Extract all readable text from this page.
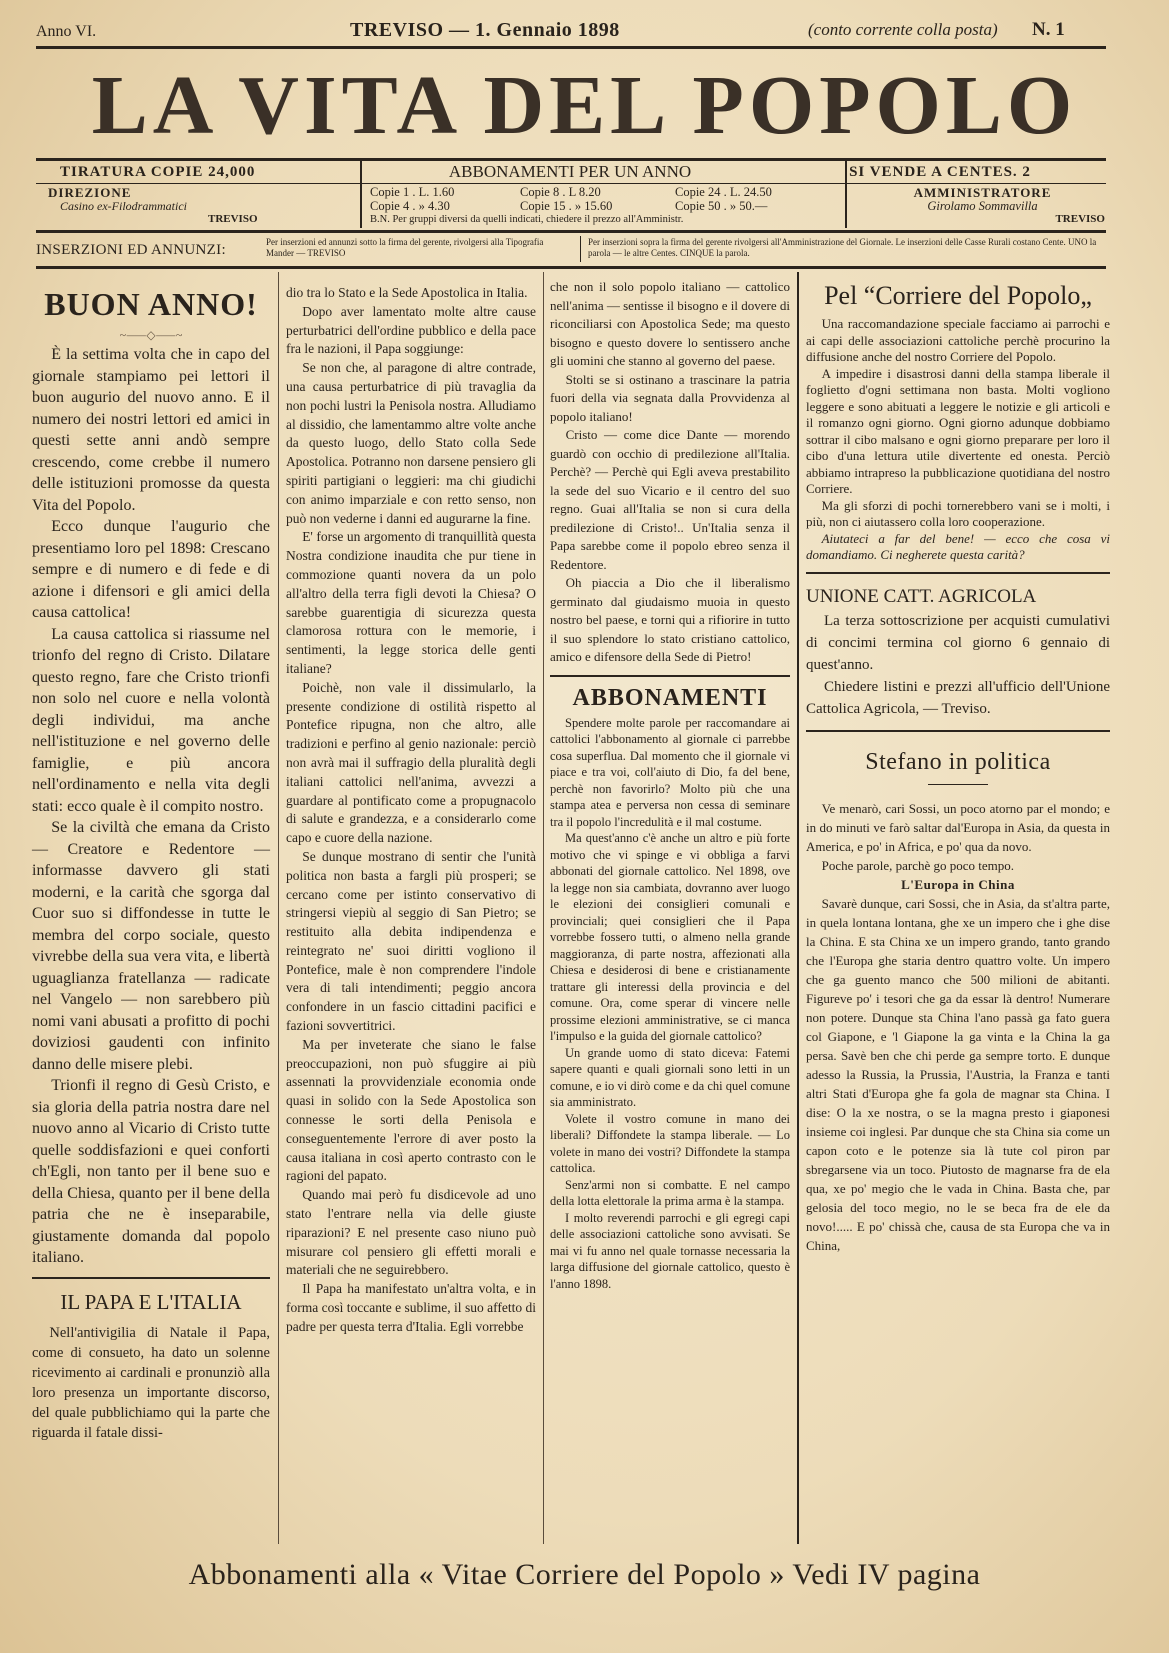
Anno VI.	TREVISO — 1. Gennaio 1898	(conto corrente colla posta) N. 1
LA VITA DEL POPOLO
TIRATURA COPIE 24,000	ABBONAMENTI PER UN ANNO	SI VENDE A CENTES. 2
DIREZIONE
Casino ex-Filodrammatici
TREVISO
Copie 1 . L. 1.60	Copie 8 . L 8.20	Copie 24 . L. 24.50
Copie 4 . » 4.30	Copie 15 . » 15.60	Copie 50 . » 50.—
B.N. Per gruppi diversi da quelli indicati, chiedere il prezzo all'Amministr.
AMMINISTRATORE
Girolamo Sommavilla
TREVISO
INSERZIONI ED ANNUNZI:	Per inserzioni ed annunzi sotto la firma del gerente, rivolgersi alla Tipografia Mander — TREVISO
Per inserzioni sopra la firma del gerente rivolgersi all'Amministrazione del Giornale. Le inserzioni delle Casse Rurali costano Cente. UNO la parola — le altre Centes. CINQUE la parola.
BUON ANNO!
~⸺◇⸺~

È la settima volta che in capo del giornale stampiamo pei lettori il buon augurio del nuovo anno. E il numero dei nostri lettori ed amici in questi sette anni andò sempre crescendo, come crebbe il numero delle istituzioni promosse da questa Vita del Popolo.

Ecco dunque l'augurio che presentiamo loro pel 1898: Crescano sempre e di numero e di fede e di azione i difensori e gli amici della causa cattolica!

La causa cattolica si riassume nel trionfo del regno di Cristo. Dilatare questo regno, fare che Cristo trionfi non solo nel cuore e nella volontà degli individui, ma anche nell'istituzione e nel governo delle famiglie, e più ancora nell'ordinamento e nella vita degli stati: ecco quale è il compito nostro.

Se la civiltà che emana da Cristo — Creatore e Redentore — informasse davvero gli stati moderni, e la carità che sgorga dal Cuor suo si diffondesse in tutte le membra del corpo sociale, questo vivrebbe della sua vera vita, e libertà uguaglianza fratellanza — radicate nel Vangelo — non sarebbero più nomi vani abusati a profitto di pochi doviziosi gaudenti con infinito danno delle misere plebi.

Trionfi il regno di Gesù Cristo, e sia gloria della patria nostra dare nel nuovo anno al Vicario di Cristo tutte quelle soddisfazioni e quei conforti ch'Egli, non tanto per il bene suo e della Chiesa, quanto per il bene della patria che ne è inseparabile, giustamente domanda dal popolo italiano.

IL PAPA E L'ITALIA

Nell'antivigilia di Natale il Papa, come di consueto, ha dato un solenne ricevimento ai cardinali e pronunziò alla loro presenza un importante discorso, del quale pubblichiamo qui la parte che riguarda il fatale dissi-

dio tra lo Stato e la Sede Apostolica in Italia.

Dopo aver lamentato molte altre cause perturbatrici dell'ordine pubblico e della pace fra le nazioni, il Papa soggiunge:

Se non che, al paragone di altre contrade, una causa perturbatrice di più travaglia da non pochi lustri la Penisola nostra. Alludiamo al dissidio, che lamentammo altre volte anche da questo luogo, dello Stato colla Sede Apostolica. Potranno non darsene pensiero gli spiriti partigiani o leggieri: ma chi giudichi con animo imparziale e con retto senso, non può non vederne i danni ed augurarne la fine.

E' forse un argomento di tranquillità questa Nostra condizione inaudita che pur tiene in commozione quanti novera da un polo all'altro della terra figli devoti la Chiesa? O sarebbe guarentigia di sicurezza questa clamorosa rottura con le memorie, i sentimenti, la legge storica delle genti italiane?

Poichè, non vale il dissimularlo, la presente condizione di ostilità rispetto al Pontefice ripugna, non che altro, alle tradizioni e perfino al genio nazionale: perciò non avrà mai il suffragio della pluralità degli italiani cattolici nell'anima, avvezzi a guardare al pontificato come a propugnacolo di salute e grandezza, e a considerarlo come capo e cuore della nazione.

Se dunque mostrano di sentir che l'unità politica non basta a fargli più prosperi; se cercano come per istinto conservativo di stringersi viepiù al seggio di San Pietro; se restituito alla debita indipendenza e reintegrato ne' suoi diritti vogliono il Pontefice, male è non comprendere l'indole vera di tali intendimenti; peggio ancora confondere in un fascio cittadini pacifici e fazioni sovvertitrici.

Ma per inveterate che siano le false preoccupazioni, non può sfuggire ai più assennati la provvidenziale economia onde quasi in solido con la Sede Apostolica son connesse le sorti della Penisola e conseguentemente l'errore di aver posto la causa italiana in così aperto contrasto con le ragioni del papato.

Quando mai però fu disdicevole ad uno stato l'entrare nella via delle giuste riparazioni? E nel presente caso niuno può misurare col pensiero gli effetti morali e materiali che ne seguirebbero.

Il Papa ha manifestato un'altra volta, e in forma così toccante e sublime, il suo affetto di padre per questa terra d'Italia. Egli vorrebbe

che non il solo popolo italiano — cattolico nell'anima — sentisse il bisogno e il dovere di riconciliarsi con Apostolica Sede; ma questo bisogno e questo dovere lo sentissero anche gli uomini che stanno al governo del paese.

Stolti se si ostinano a trascinare la patria fuori della via segnata dalla Provvidenza al popolo italiano!

Cristo — come dice Dante — morendo guardò con occhio di predilezione all'Italia. Perchè? — Perchè qui Egli aveva prestabilito la sede del suo Vicario e il centro del suo regno. Guai all'Italia se non si cura della predilezione di Cristo!.. Un'Italia senza il Papa sarebbe come il popolo ebreo senza il Redentore.

Oh piaccia a Dio che il liberalismo germinato dal giudaismo muoia in questo nostro bel paese, e torni qui a rifiorire in tutto il suo splendore lo stato cristiano cattolico, amico e difensore della Sede di Pietro!

ABBONAMENTI

Spendere molte parole per raccomandare ai cattolici l'abbonamento al giornale ci parrebbe cosa superflua. Dal momento che il giornale vi piace e tra voi, coll'aiuto di Dio, fa del bene, perchè non favorirlo? Molto più che una stampa atea e perversa non cessa di seminare tra il popolo l'incredulità e il mal costume.

Ma quest'anno c'è anche un altro e più forte motivo che vi spinge e vi obbliga a farvi abbonati del giornale cattolico. Nel 1898, ove la legge non sia cambiata, dovranno aver luogo le elezioni dei consiglieri comunali e provinciali; quei consiglieri che il Papa vorrebbe fossero tutti, o almeno nella grande maggioranza, di parte nostra, affezionati alla Chiesa e desiderosi di bene e cristianamente trattare gli interessi della provincia e del comune. Ora, come sperar di vincere nelle prossime elezioni amministrative, se ci manca l'impulso e la guida del giornale cattolico?

Un grande uomo di stato diceva: Fatemi sapere quanti e quali giornali sono letti in un comune, e io vi dirò come e da chi quel comune sia amministrato.

Volete il vostro comune in mano dei liberali? Diffondete la stampa liberale. — Lo volete in mano dei vostri? Diffondete la stampa cattolica.

Senz'armi non si combatte. E nel campo della lotta elettorale la prima arma è la stampa.

I molto reverendi parrochi e gli egregi capi delle associazioni cattoliche sono avvisati. Se mai vi fu anno nel quale tornasse necessaria la larga diffusione del giornale cattolico, questo è l'anno 1898.

Pel “Corriere del Popolo„

Una raccomandazione speciale facciamo ai parrochi e ai capi delle associazioni cattoliche perchè procurino la diffusione anche del nostro Corriere del Popolo.

A impedire i disastrosi danni della stampa liberale il foglietto d'ogni settimana non basta. Molti vogliono leggere e sono abituati a leggere le notizie e gli articoli e il romanzo ogni giorno. Ogni giorno adunque dobbiamo sottrar il cibo malsano e ogni giorno preparare per loro il cibo d'una lettura utile divertente ed onesta. Perciò abbiamo intrapreso la pubblicazione quotidiana del nostro Corriere.

Ma gli sforzi di pochi tornerebbero vani se i molti, i più, non ci aiutassero colla loro cooperazione.

Aiutateci a far del bene! — ecco che cosa vi domandiamo. Ci negherete questa carità?

UNIONE CATT. AGRICOLA

La terza sottoscrizione per acquisti cumulativi di concimi termina col giorno 6 gennaio di quest'anno.

Chiedere listini e prezzi all'ufficio dell'Unione Cattolica Agricola, — Treviso.

Stefano in politica

Ve menarò, cari Sossi, un poco atorno par el mondo; e in do minuti ve farò saltar dal'Europa in Asia, da questa in America, e po' in Africa, e po' qua da novo.

Poche parole, parchè go poco tempo.

L'Europa in China

Savarè dunque, cari Sossi, che in Asia, da st'altra parte, in quela lontana lontana, ghe xe un impero che i ghe dise la China. E sta China xe un impero grando, tanto grando che l'Europa ghe staria dentro quattro volte. Un impero che ga guento manco che 500 milioni de abitanti. Figureve po' i tesori che ga da essar là dentro! Numerare non potere. Dunque sta China l'ano passà ga fato guera col Giapone, e 'l Giapone la ga vinta e la China la ga persa. Savè ben che chi perde ga sempre torto. E dunque adesso la Russia, la Prussia, l'Austria, la Franza e tanti altri Stati d'Europa ghe fa gola de magnar sta China. I dise: O la xe nostra, o se la magna presto i giaponesi insieme coi inglesi. Par dunque che sta China sia come un capon coto e le potenze sia là tute col piron par sbregarsene via un toco. Piutosto de magnarse fra de ela qua, xe po' megio che le vada in China. Basta che, par gelosia del toco megio, no le se beca fra de ele da novo!..... E po' chissà che, causa de sta Europa che va in China,

Abbonamenti alla « Vitae Corriere del Popolo » Vedi IV pagina
